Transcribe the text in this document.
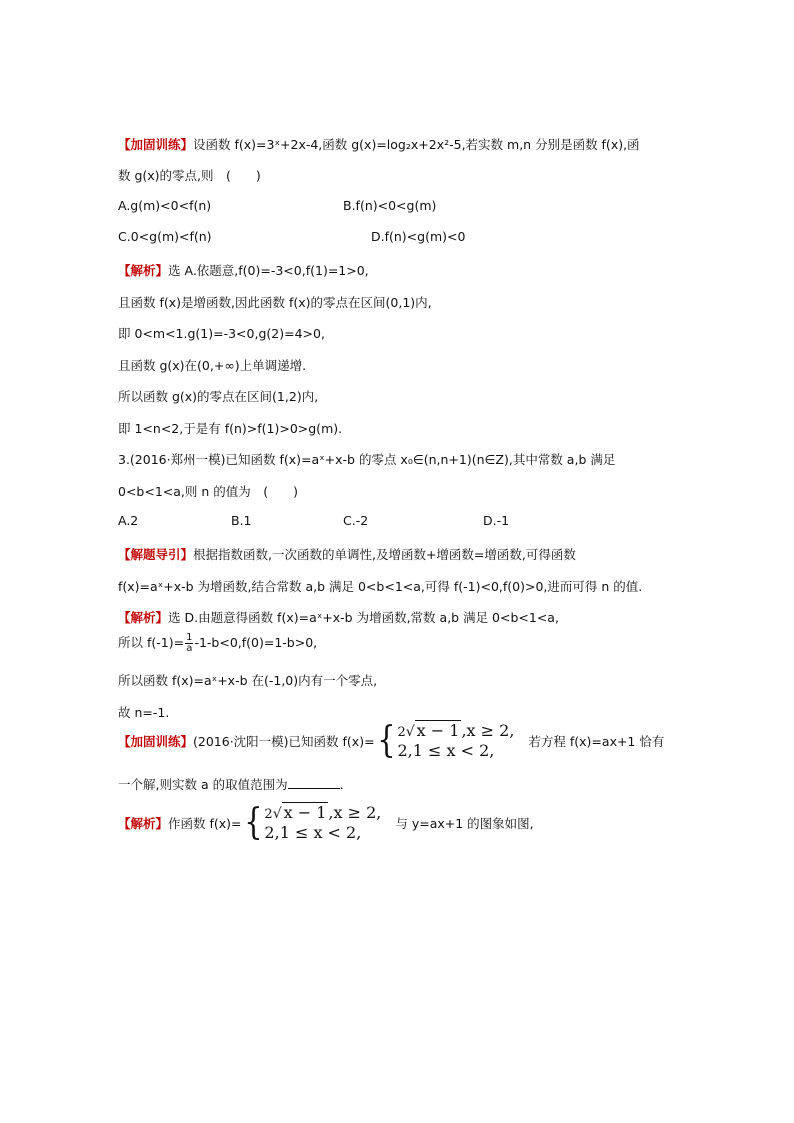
【加固训练】设函数 f(x)=3ˣ+2x-4,函数 g(x)=log₂x+2x²-5,若实数 m,n 分别是函数 f(x),函
数 g(x)的零点,则　(　　)
A.g(m)<0<f(n)	B.f(n)<0<g(m)
C.0<g(m)<f(n)	D.f(n)<g(m)<0
【解析】选 A.依题意,f(0)=-3<0,f(1)=1>0,
且函数 f(x)是增函数,因此函数 f(x)的零点在区间(0,1)内,
即 0<m<1.g(1)=-3<0,g(2)=4>0,
且函数 g(x)在(0,+∞)上单调递增.
所以函数 g(x)的零点在区间(1,2)内,
即 1<n<2,于是有 f(n)>f(1)>0>g(m).
3.(2016·郑州一模)已知函数 f(x)=aˣ+x-b 的零点 x₀∈(n,n+1)(n∈Z),其中常数 a,b 满足
0<b<1<a,则 n 的值为　(　　)
A.2	B.1	C.-2	D.-1
【解题导引】根据指数函数,一次函数的单调性,及增函数+增函数=增函数,可得函数
f(x)=aˣ+x-b 为增函数,结合常数 a,b 满足 0<b<1<a,可得 f(-1)<0,f(0)>0,进而可得 n 的值.
【解析】选 D.由题意得函数 f(x)=aˣ+x-b 为增函数,常数 a,b 满足 0<b<1<a,
所以 $f(-1)= \frac{1}{a} -1-b<0,f(0)=1-b>0$,
所以函数 f(x)=aˣ+x-b 在(-1,0)内有一个零点,
故 n=-1.
【加固训练】(2016·沈阳一模)已知函数 f(x)={ 2√ x − 1 ,x ≥ 2,
2,1 ≤ x < 2,	若方程 f(x)=ax+1 恰有
一个解,则实数 a 的取值范围为	.
【解析】作函数 f(x)={ 2√ x − 1 ,x ≥ 2,
2,1 ≤ x < 2,	与 y=ax+1 的图象如图,
